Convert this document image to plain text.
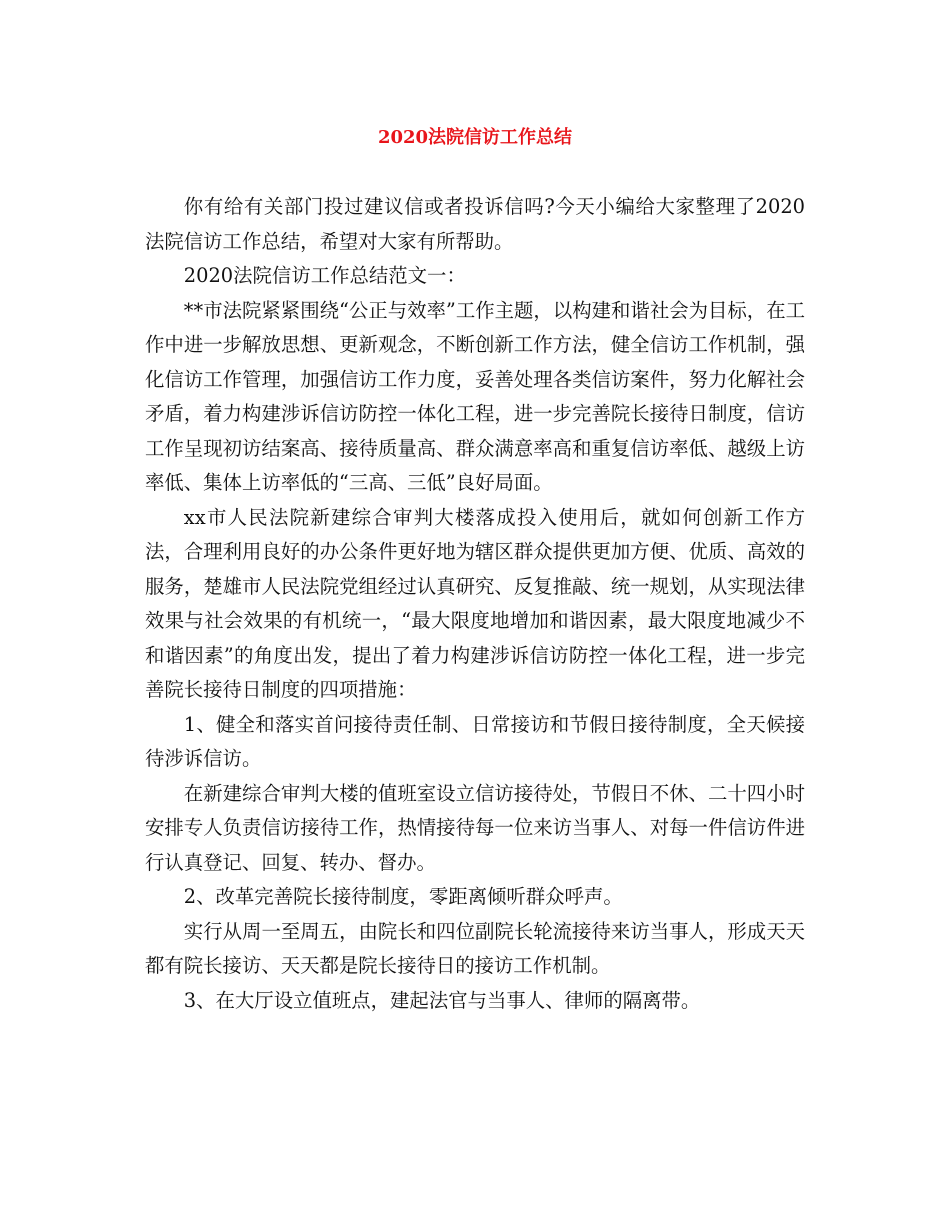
2020法院信访工作总结

你有给有关部门投过建议信或者投诉信吗?今天小编给大家整理了2020法院信访工作总结，希望对大家有所帮助。

2020法院信访工作总结范文一：

**市法院紧紧围绕“公正与效率”工作主题，以构建和谐社会为目标，在工作中进一步解放思想、更新观念，不断创新工作方法，健全信访工作机制，强化信访工作管理，加强信访工作力度，妥善处理各类信访案件，努力化解社会矛盾，着力构建涉诉信访防控一体化工程，进一步完善院长接待日制度，信访工作呈现初访结案高、接待质量高、群众满意率高和重复信访率低、越级上访率低、集体上访率低的“三高、三低”良好局面。

xx市人民法院新建综合审判大楼落成投入使用后，就如何创新工作方法，合理利用良好的办公条件更好地为辖区群众提供更加方便、优质、高效的服务，楚雄市人民法院党组经过认真研究、反复推敲、统一规划，从实现法律效果与社会效果的有机统一，“最大限度地增加和谐因素，最大限度地减少不和谐因素”的角度出发，提出了着力构建涉诉信访防控一体化工程，进一步完善院长接待日制度的四项措施：

1、健全和落实首问接待责任制、日常接访和节假日接待制度，全天候接待涉诉信访。

在新建综合审判大楼的值班室设立信访接待处，节假日不休、二十四小时安排专人负责信访接待工作，热情接待每一位来访当事人、对每一件信访件进行认真登记、回复、转办、督办。

2、改革完善院长接待制度，零距离倾听群众呼声。

实行从周一至周五，由院长和四位副院长轮流接待来访当事人，形成天天都有院长接访、天天都是院长接待日的接访工作机制。

3、在大厅设立值班点，建起法官与当事人、律师的隔离带。
